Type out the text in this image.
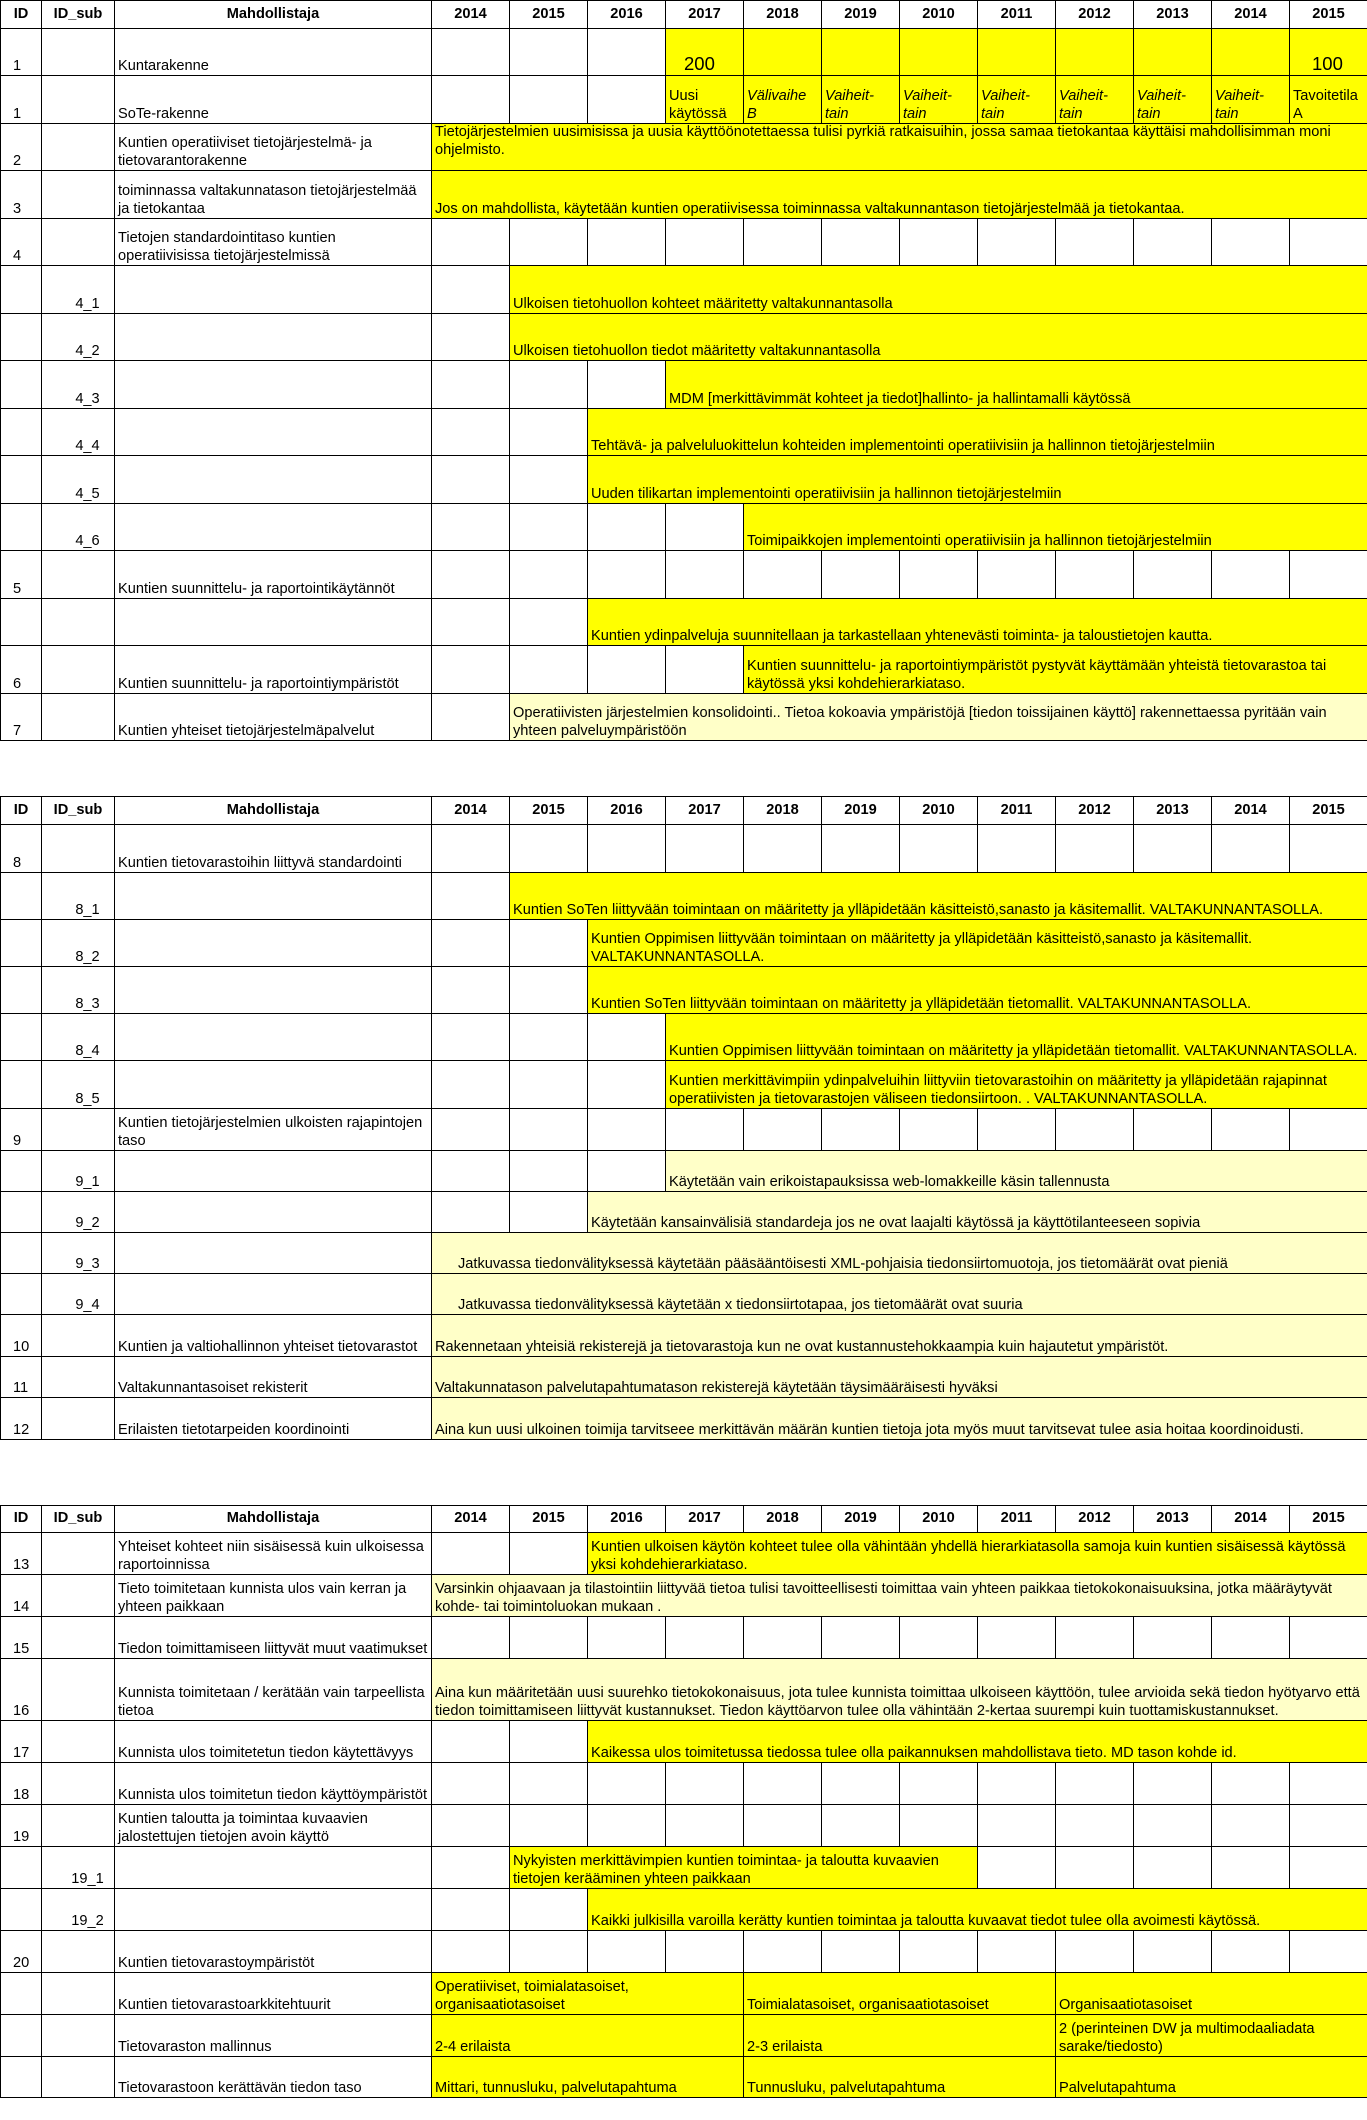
ID	ID_sub	Mahdollistaja	2014	2015	2016	2017	2018	2019	2010	2011	2012	2013	2014	2015
1		Kuntarakenne				200								100
1		SoTe-rakenne				Uusi käytössä	Välivaihe B	Vaiheit-tain	Vaiheit-tain	Vaiheit-tain	Vaiheit-tain	Vaiheit-tain	Vaiheit-tain	Tavoitetila A
2		Kuntien operatiiviset tietojärjestelmä- ja tietovarantorakenne	Tietojärjestelmien uusimisissa ja uusia käyttöönotettaessa tulisi pyrkiä ratkaisuihin, jossa samaa tietokantaa käyttäisi mahdollisimman moni ohjelmisto.											
3		toiminnassa valtakunnatason tietojärjestelmää ja tietokantaa	Jos on mahdollista, käytetään kuntien operatiivisessa toiminnassa valtakunnantason tietojärjestelmää ja tietokantaa.											
4		Tietojen standardointitaso kuntien operatiivisissa tietojärjestelmissä												
	4_1			Ulkoisen tietohuollon kohteet määritetty valtakunnantasolla										
	4_2			Ulkoisen tietohuollon tiedot määritetty valtakunnantasolla										
	4_3					MDM [merkittävimmät kohteet ja tiedot]hallinto- ja hallintamalli käytössä								
	4_4				Tehtävä- ja palveluluokittelun kohteiden implementointi operatiivisiin ja hallinnon tietojärjestelmiin									
	4_5				Uuden tilikartan implementointi operatiivisiin ja hallinnon tietojärjestelmiin									
	4_6						Toimipaikkojen implementointi operatiivisiin ja hallinnon tietojärjestelmiin							
5		Kuntien suunnittelu- ja raportointikäytännöt												
					Kuntien ydinpalveluja suunnitellaan ja tarkastellaan yhtenevästi toiminta- ja taloustietojen kautta.									
6		Kuntien suunnittelu- ja raportointiympäristöt					Kuntien suunnittelu- ja raportointiympäristöt pystyvät käyttämään yhteistä tietovarastoa tai käytössä yksi kohdehierarkiataso.							
7		Kuntien yhteiset tietojärjestelmäpalvelut		Operatiivisten järjestelmien konsolidointi.. Tietoa kokoavia ympäristöjä [tiedon toissijainen käyttö] rakennettaessa pyritään vain yhteen palveluympäristöön										
ID	ID_sub	Mahdollistaja	2014	2015	2016	2017	2018	2019	2010	2011	2012	2013	2014	2015
8		Kuntien tietovarastoihin liittyvä standardointi												
	8_1			Kuntien SoTen liittyvään toimintaan on määritetty ja ylläpidetään käsitteistö,sanasto ja käsitemallit. VALTAKUNNANTASOLLA.										
	8_2				Kuntien Oppimisen liittyvään toimintaan on määritetty ja ylläpidetään käsitteistö,sanasto ja käsitemallit. VALTAKUNNANTASOLLA.									
	8_3				Kuntien SoTen liittyvään toimintaan on määritetty ja ylläpidetään tietomallit. VALTAKUNNANTASOLLA.									
	8_4					Kuntien Oppimisen liittyvään toimintaan on määritetty ja ylläpidetään tietomallit. VALTAKUNNANTASOLLA.								
	8_5					Kuntien merkittävimpiin ydinpalveluihin liittyviin tietovarastoihin on määritetty ja ylläpidetään rajapinnat operatiivisten ja tietovarastojen väliseen tiedonsiirtoon. . VALTAKUNNANTASOLLA.								
9		Kuntien tietojärjestelmien ulkoisten rajapintojen taso												
	9_1					Käytetään vain erikoistapauksissa web-lomakkeille käsin tallennusta								
	9_2				Käytetään kansainvälisiä standardeja jos ne ovat laajalti käytössä ja käyttötilanteeseen sopivia									
	9_3		Jatkuvassa tiedonvälityksessä käytetään pääsääntöisesti XML-pohjaisia tiedonsiirtomuotoja, jos tietomäärät ovat pieniä											
	9_4		Jatkuvassa tiedonvälityksessä käytetään x tiedonsiirtotapaa, jos tietomäärät ovat suuria											
10		Kuntien ja valtiohallinnon yhteiset tietovarastot	Rakennetaan yhteisiä rekisterejä ja tietovarastoja kun ne ovat kustannustehokkaampia kuin hajautetut ympäristöt.											
11		Valtakunnantasoiset rekisterit	Valtakunnatason palvelutapahtumatason rekisterejä käytetään täysimääräisesti hyväksi											
12		Erilaisten tietotarpeiden koordinointi	Aina kun uusi ulkoinen toimija tarvitseee merkittävän määrän kuntien tietoja jota myös muut tarvitsevat tulee asia hoitaa koordinoidusti.											
ID	ID_sub	Mahdollistaja	2014	2015	2016	2017	2018	2019	2010	2011	2012	2013	2014	2015
13		Yhteiset kohteet niin sisäisessä kuin ulkoisessa raportoinnissa			Kuntien ulkoisen käytön kohteet tulee olla vähintään yhdellä hierarkiatasolla samoja kuin kuntien sisäisessä käytössä yksi kohdehierarkiataso.									
14		Tieto toimitetaan kunnista ulos vain kerran ja yhteen paikkaan	Varsinkin ohjaavaan ja tilastointiin liittyvää tietoa tulisi tavoitteellisesti toimittaa vain yhteen paikkaa tietokokonaisuuksina, jotka määräytyvät kohde- tai toimintoluokan mukaan .											
15		Tiedon toimittamiseen liittyvät muut vaatimukset												
16		Kunnista toimitetaan / kerätään vain tarpeellista tietoa	Aina kun määritetään uusi suurehko tietokokonaisuus, jota tulee kunnista toimittaa ulkoiseen käyttöön, tulee arvioida sekä tiedon hyötyarvo että tiedon toimittamiseen liittyvät kustannukset. Tiedon käyttöarvon tulee olla vähintään 2-kertaa suurempi kuin tuottamiskustannukset.											
17		Kunnista ulos toimitetetun tiedon käytettävyys			Kaikessa ulos toimitetussa tiedossa tulee olla paikannuksen mahdollistava tieto. MD tason kohde id.									
18		Kunnista ulos toimitetun tiedon käyttöympäristöt												
19		Kuntien taloutta ja toimintaa kuvaavien jalostettujen tietojen avoin käyttö												
	19_1			Nykyisten merkittävimpien kuntien toimintaa- ja taloutta kuvaavien tietojen kerääminen yhteen paikkaan										
	19_2				Kaikki julkisilla varoilla kerätty kuntien toimintaa ja taloutta kuvaavat tiedot tulee olla avoimesti käytössä.									
20		Kuntien tietovarastoympäristöt												
		Kuntien tietovarastoarkkitehtuurit	Operatiiviset, toimialatasoiset, organisaatiotasoiset				Toimialatasoiset, organisaatiotasoiset				Organisaatiotasoiset			
		Tietovaraston mallinnus	2-4 erilaista				2-3 erilaista				2 (perinteinen DW ja multimodaaliadata sarake/tiedosto)			
		Tietovarastoon kerättävän tiedon taso	Mittari, tunnusluku, palvelutapahtuma				Tunnusluku, palvelutapahtuma				Palvelutapahtuma			
